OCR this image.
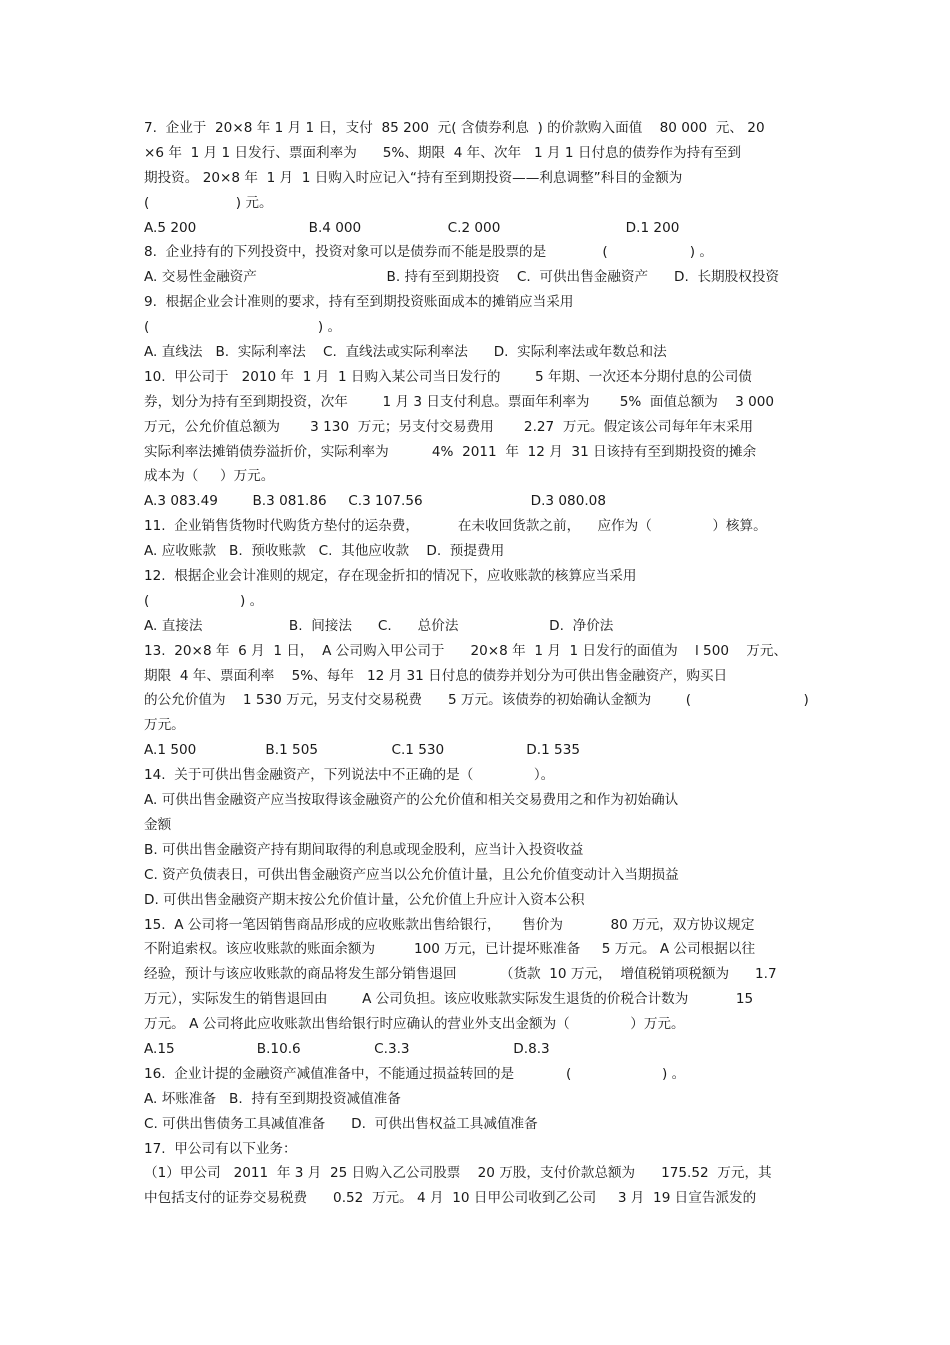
7.  企业于  20×8 年 1 月 1 日，支付  85 200  元( 含债券利息  ) 的价款购入面值    80 000  元、 20
×6 年  1 月 1 日发行、票面利率为      5%、期限  4 年、次年   1 月 1 日付息的债券作为持有至到
期投资。 20×8 年  1 月  1 日购入时应记入“持有至到期投资——利息调整”科目的金额为
(                    ) 元。
A.5 200                          B.4 000                    C.2 000                             D.1 200
8.  企业持有的下列投资中，投资对象可以是债券而不能是股票的是             (                   ) 。
A. 交易性金融资产                              B. 持有至到期投资    C.  可供出售金融资产      D.  长期股权投资
9.  根据企业会计准则的要求，持有至到期投资账面成本的摊销应当采用
(                                       ) 。
A. 直线法   B.  实际利率法    C.  直线法或实际利率法      D.  实际利率法或年数总和法
10.  甲公司于   2010 年  1 月  1 日购入某公司当日发行的        5 年期、一次还本分期付息的公司债
券，划分为持有至到期投资，次年        1 月 3 日支付利息。票面年利率为       5%  面值总额为    3 000
万元，公允价值总额为       3 130  万元；另支付交易费用       2.27  万元。假定该公司每年年末采用
实际利率法摊销债券溢折价，实际利率为          4%  2011  年  12 月  31 日该持有至到期投资的摊余
成本为（     ）万元。
A.3 083.49        B.3 081.86     C.3 107.56                         D.3 080.08
11.  企业销售货物时代购货方垫付的运杂费，         在未收回货款之前，    应作为（              ）核算。
A. 应收账款   B.  预收账款   C.  其他应收款    D.  预提费用
12.  根据企业会计准则的规定，存在现金折扣的情况下，应收账款的核算应当采用
(                     ) 。
A. 直接法                    B.  间接法      C.      总价法                     D.  净价法
13.  20×8 年  6 月  1 日，  A 公司购入甲公司于      20×8 年  1 月  1 日发行的面值为    l 500    万元、
期限  4 年、票面利率    5%、每年   12 月 31 日付息的债券并划分为可供出售金融资产，购买日
的公允价值为    1 530 万元，另支付交易税费      5 万元。该债券的初始确认金额为        (                          )
万元。
A.1 500                B.1 505                 C.1 530                   D.1 535
14.  关于可供出售金融资产，下列说法中不正确的是（              ）。
A. 可供出售金融资产应当按取得该金融资产的公允价值和相关交易费用之和作为初始确认
金额
B. 可供出售金融资产持有期间取得的利息或现金股利，应当计入投资收益
C. 资产负债表日，可供出售金融资产应当以公允价值计量，且公允价值变动计入当期损益
D. 可供出售金融资产期末按公允价值计量，公允价值上升应计入资本公积
15.  A 公司将一笔因销售商品形成的应收账款出售给银行，     售价为           80 万元，双方协议规定
不附追索权。该应收账款的账面余额为         100 万元，已计提坏账准备     5 万元。 A 公司根据以往
经验，预计与该应收账款的商品将发生部分销售退回          （货款  10 万元，  增值税销项税额为      1.7
万元），实际发生的销售退回由        A 公司负担。该应收账款实际发生退货的价税合计数为           15
万元。 A 公司将此应收账款出售给银行时应确认的营业外支出金额为（              ）万元。
A.15                   B.10.6                 C.3.3                        D.8.3
16.  企业计提的金融资产减值准备中，不能通过损益转回的是            (                     ) 。
A. 坏账准备   B.  持有至到期投资减值准备
C. 可供出售债务工具减值准备      D.  可供出售权益工具减值准备
17.  甲公司有以下业务：
（1）甲公司   2011  年 3 月  25 日购入乙公司股票    20 万股，支付价款总额为      175.52  万元，其
中包括支付的证券交易税费      0.52  万元。 4 月  10 日甲公司收到乙公司     3 月  19 日宣告派发的
